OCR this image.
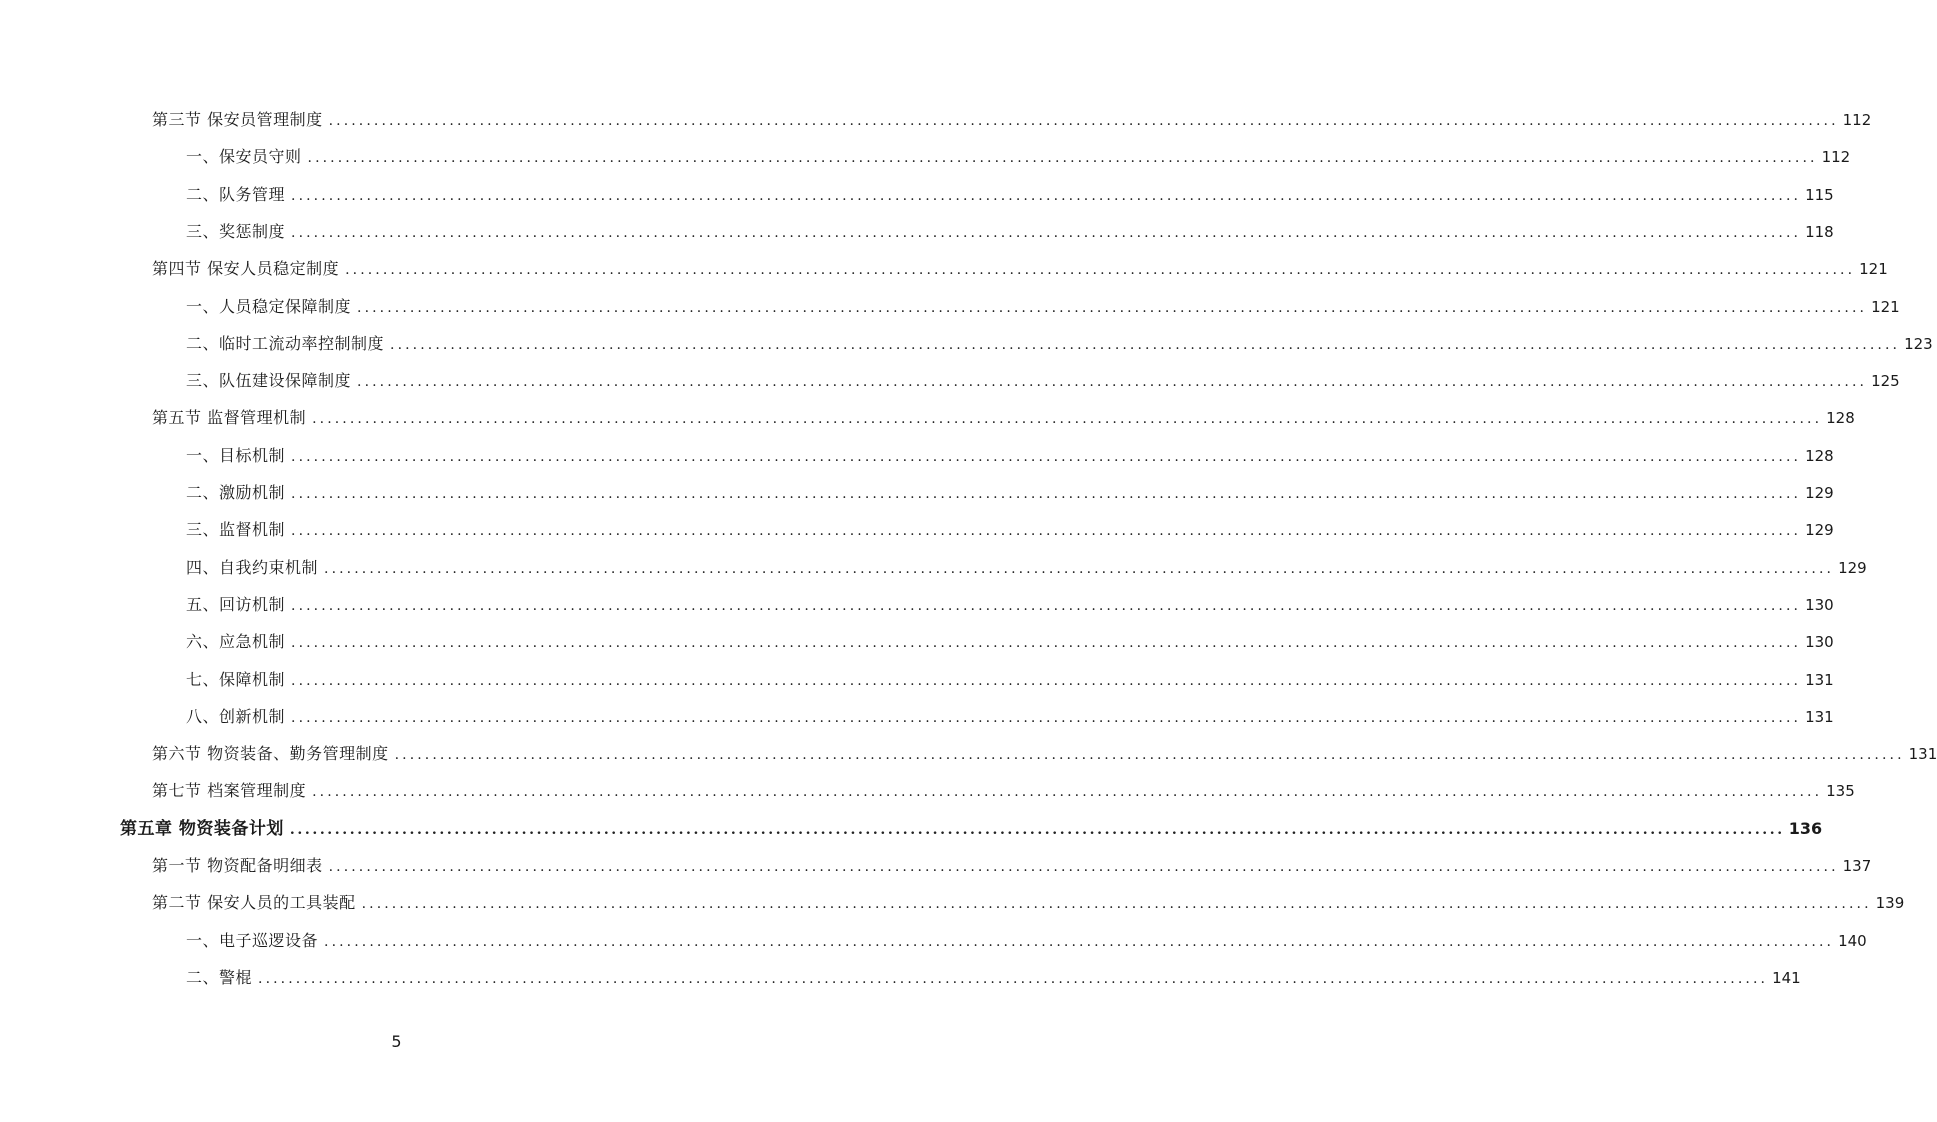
第三节 保安员管理制度 ........................................................................................................................................................................................................ 112
一、保安员守则 ........................................................................................................................................................................................................ 112
二、队务管理 ........................................................................................................................................................................................................ 115
三、奖惩制度 ........................................................................................................................................................................................................ 118
第四节 保安人员稳定制度 ........................................................................................................................................................................................................ 121
一、人员稳定保障制度 ........................................................................................................................................................................................................ 121
二、临时工流动率控制制度 ........................................................................................................................................................................................................ 123
三、队伍建设保障制度 ........................................................................................................................................................................................................ 125
第五节 监督管理机制 ........................................................................................................................................................................................................ 128
一、目标机制 ........................................................................................................................................................................................................ 128
二、激励机制 ........................................................................................................................................................................................................ 129
三、监督机制 ........................................................................................................................................................................................................ 129
四、自我约束机制 ........................................................................................................................................................................................................ 129
五、回访机制 ........................................................................................................................................................................................................ 130
六、应急机制 ........................................................................................................................................................................................................ 130
七、保障机制 ........................................................................................................................................................................................................ 131
八、创新机制 ........................................................................................................................................................................................................ 131
第六节 物资装备、勤务管理制度 ........................................................................................................................................................................................................ 131
第七节 档案管理制度 ........................................................................................................................................................................................................ 135
第五章 物资装备计划 ........................................................................................................................................................................................................ 136
第一节 物资配备明细表 ........................................................................................................................................................................................................ 137
第二节 保安人员的工具装配 ........................................................................................................................................................................................................ 139
一、电子巡逻设备 ........................................................................................................................................................................................................ 140
二、警棍 ........................................................................................................................................................................................................ 141
5
